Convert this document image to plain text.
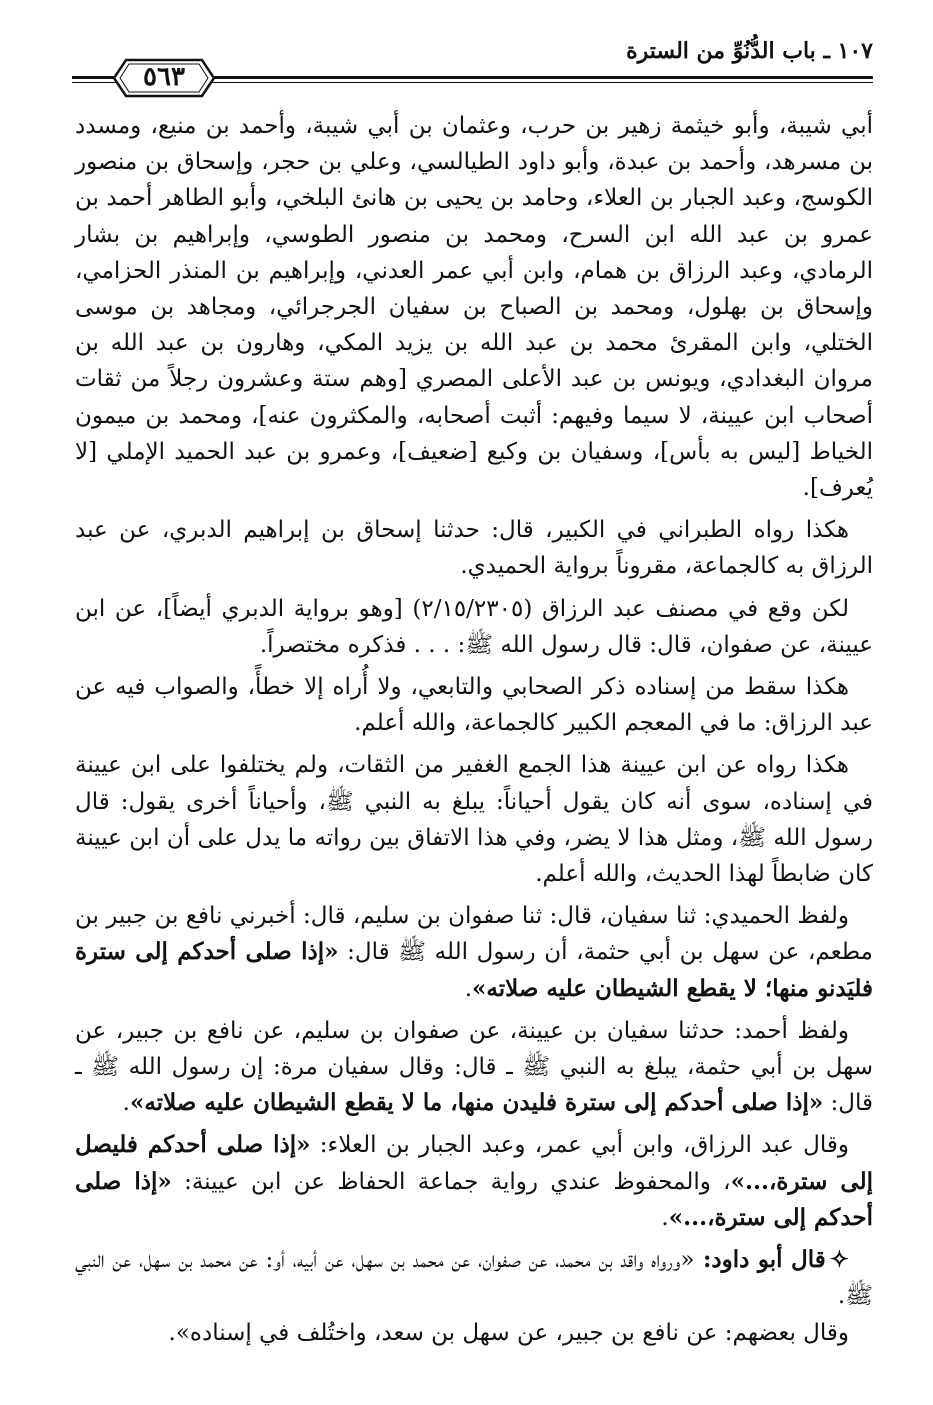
١٠٧ ـ باب الدُّنُوِّ من السترة
٥٦٣

أبي شيبة، وأبو خيثمة زهير بن حرب، وعثمان بن أبي شيبة، وأحمد بن منيع، ومسدد بن مسرهد، وأحمد بن عبدة، وأبو داود الطيالسي، وعلي بن حجر، وإسحاق بن منصور الكوسج، وعبد الجبار بن العلاء، وحامد بن يحيى بن هانئ البلخي، وأبو الطاهر أحمد بن عمرو بن عبد الله ابن السرح، ومحمد بن منصور الطوسي، وإبراهيم بن بشار الرمادي، وعبد الرزاق بن همام، وابن أبي عمر العدني، وإبراهيم بن المنذر الحزامي، وإسحاق بن بهلول، ومحمد بن الصباح بن سفيان الجرجرائي، ومجاهد بن موسى الختلي، وابن المقرئ محمد بن عبد الله بن يزيد المكي، وهارون بن عبد الله بن مروان البغدادي، ويونس بن عبد الأعلى المصري [وهم ستة وعشرون رجلاً من ثقات أصحاب ابن عيينة، لا سيما وفيهم: أثبت أصحابه، والمكثرون عنه]، ومحمد بن ميمون الخياط [ليس به بأس]، وسفيان بن وكيع [ضعيف]، وعمرو بن عبد الحميد الإملي [لا يُعرف].

هكذا رواه الطبراني في الكبير، قال: حدثنا إسحاق بن إبراهيم الدبري، عن عبد الرزاق به كالجماعة، مقروناً برواية الحميدي.

لكن وقع في مصنف عبد الرزاق (٢/١٥/٢٣٠٥) [وهو برواية الدبري أيضاً]، عن ابن عيينة، عن صفوان، قال: قال رسول الله ﷺ: . . . فذكره مختصراً.

هكذا سقط من إسناده ذكر الصحابي والتابعي، ولا أُراه إلا خطأً، والصواب فيه عن عبد الرزاق: ما في المعجم الكبير كالجماعة، والله أعلم.

هكذا رواه عن ابن عيينة هذا الجمع الغفير من الثقات، ولم يختلفوا على ابن عيينة في إسناده، سوى أنه كان يقول أحياناً: يبلغ به النبي ﷺ، وأحياناً أخرى يقول: قال رسول الله ﷺ، ومثل هذا لا يضر، وفي هذا الاتفاق بين رواته ما يدل على أن ابن عيينة كان ضابطاً لهذا الحديث، والله أعلم.

ولفظ الحميدي: ثنا سفيان، قال: ثنا صفوان بن سليم، قال: أخبرني نافع بن جبير بن مطعم، عن سهل بن أبي حثمة، أن رسول الله ﷺ قال: «إذا صلى أحدكم إلى سترة فليَدنو منها؛ لا يقطع الشيطان عليه صلاته».

ولفظ أحمد: حدثنا سفيان بن عيينة، عن صفوان بن سليم، عن نافع بن جبير، عن سهل بن أبي حثمة، يبلغ به النبي ﷺ ـ قال: وقال سفيان مرة: إن رسول الله ﷺ ـ قال: «إذا صلى أحدكم إلى سترة فليدن منها، ما لا يقطع الشيطان عليه صلاته».

وقال عبد الرزاق، وابن أبي عمر، وعبد الجبار بن العلاء: «إذا صلى أحدكم فليصل إلى سترة،...»، والمحفوظ عندي رواية جماعة الحفاظ عن ابن عيينة: «إذا صلى أحدكم إلى سترة،...».

✧قال أبو داود: «ورواه واقد بن محمد، عن صفوان، عن محمد بن سهل، عن أبيه، أو: عن محمد بن سهل، عن النبي ﷺ.

وقال بعضهم: عن نافع بن جبير، عن سهل بن سعد، واختُلف في إسناده».
